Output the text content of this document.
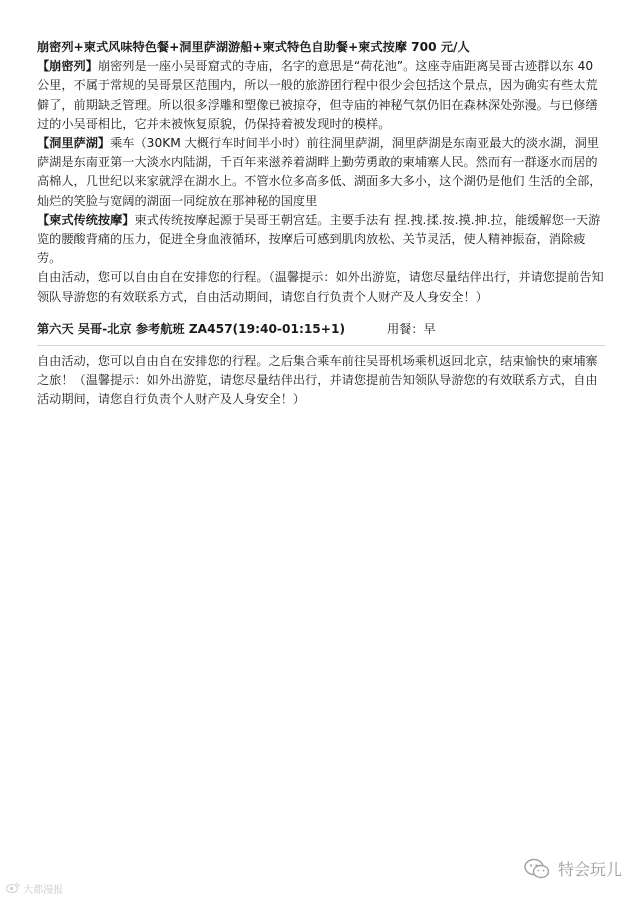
崩密列+柬式风味特色餐+洞里萨湖游船+柬式特色自助餐+柬式按摩 700 元/人

【崩密列】崩密列是一座小吴哥窟式的寺庙，名字的意思是“荷花池”。这座寺庙距离吴哥古迹群以东 40 公里，不属于常规的吴哥景区范围内，所以一般的旅游团行程中很少会包括这个景点，因为确实有些太荒僻了，前期缺乏管理。所以很多浮雕和塑像已被掠夺，但寺庙的神秘气氛仍旧在森林深处弥漫。与已修缮过的小吴哥相比，它并未被恢复原貌，仍保持着被发现时的模样。

【洞里萨湖】乘车（30KM 大概行车时间半小时）前往洞里萨湖，洞里萨湖是东南亚最大的淡水湖，洞里萨湖是东南亚第一大淡水内陆湖，千百年来滋养着湖畔上勤劳勇敢的柬埔寨人民。然而有一群逐水而居的高棉人，几世纪以来家就浮在湖水上。不管水位多高多低、湖面多大多小，这个湖仍是他们 生活的全部，灿烂的笑脸与宽阔的湖面一同绽放在那神秘的国度里

【柬式传统按摩】柬式传统按摩起源于吴哥王朝宫廷。主要手法有 捏.拽.揉.按.摸.抻.拉，能缓解您一天游览的腰酸背痛的压力，促进全身血液循环，按摩后可感到肌肉放松、关节灵活，使人精神振奋，消除疲劳。

自由活动，您可以自由自在安排您的行程。（温馨提示：如外出游览，请您尽量结伴出行，并请您提前告知领队导游您的有效联系方式，自由活动期间，请您自行负责个人财产及人身安全！）

第六天 吴哥-北京 参考航班 ZA457(19:40-01:15+1)	用餐：早

自由活动，您可以自由自在安排您的行程。之后集合乘车前往吴哥机场乘机返回北京，结束愉快的柬埔寨之旅！（温馨提示：如外出游览，请您尽量结伴出行，并请您提前告知领队导游您的有效联系方式，自由活动期间，请您自行负责个人财产及人身安全！）

大都漫报
特会玩儿
